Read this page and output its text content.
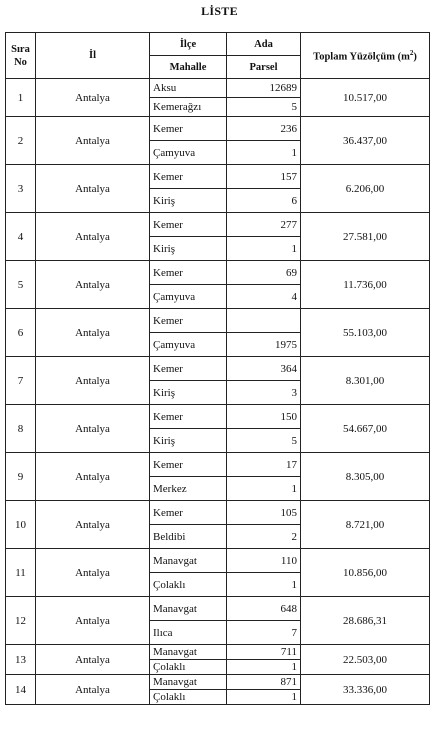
LİSTE
Sıra No	İl	İlçe	Ada	Toplam Yüzölçüm $(m^2)$
		Mahalle	Parsel	
1	Antalya	Aksu	12689	10.517,00
		Kemerağzı	5	
2	Antalya	Kemer	236	36.437,00
		Çamyuva	1	
3	Antalya	Kemer	157	6.206,00
		Kiriş	6	
4	Antalya	Kemer	277	27.581,00
		Kiriş	1	
5	Antalya	Kemer	69	11.736,00
		Çamyuva	4	
6	Antalya	Kemer		55.103,00
		Çamyuva	1975	
7	Antalya	Kemer	364	8.301,00
		Kiriş	3	
8	Antalya	Kemer	150	54.667,00
		Kiriş	5	
9	Antalya	Kemer	17	8.305,00
		Merkez	1	
10	Antalya	Kemer	105	8.721,00
		Beldibi	2	
11	Antalya	Manavgat	110	10.856,00
		Çolaklı	1	
12	Antalya	Manavgat	648	28.686,31
		Ilıca	7	
13	Antalya	Manavgat	711	22.503,00
		Çolaklı	1	
14	Antalya	Manavgat	871	33.336,00
		Çolaklı	1	
